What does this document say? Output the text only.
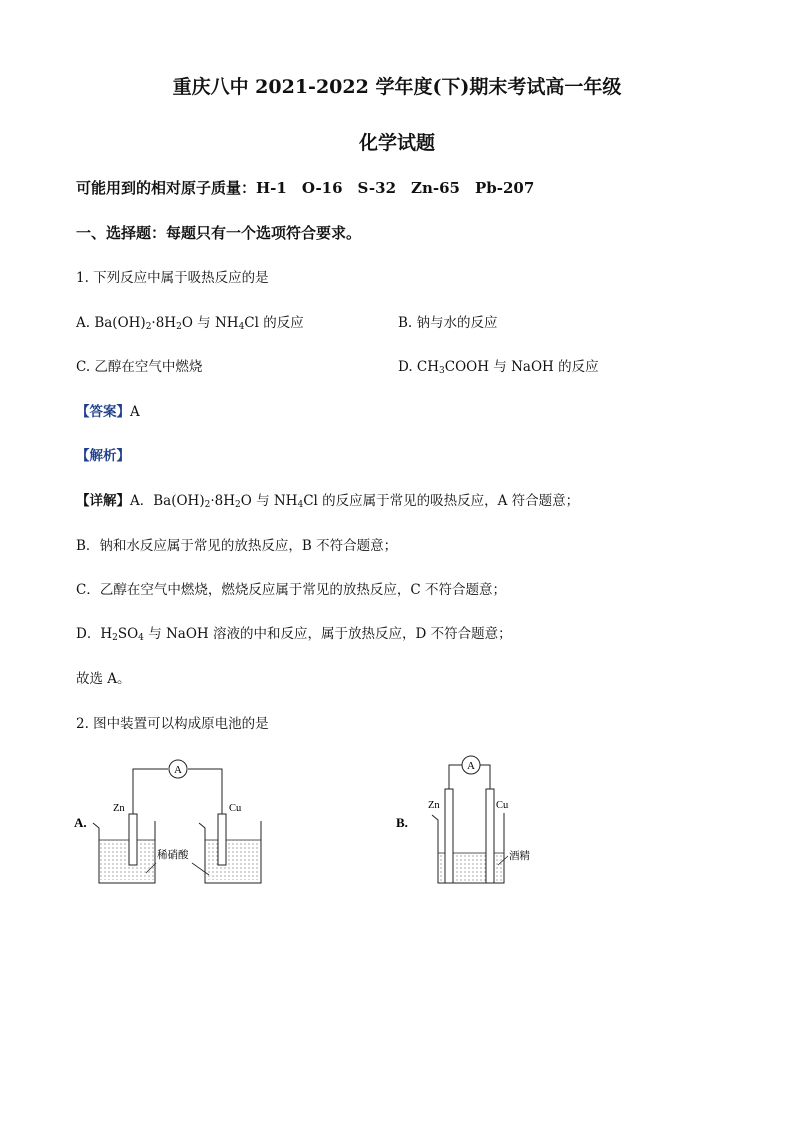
重庆八中 2021-2022 学年度(下)期末考试高一年级
化学试题
可能用到的相对原子质量：H-1　O-16　S-32　Zn-65　Pb-207
一、选择题：每题只有一个选项符合要求。
1. 下列反应中属于吸热反应的是
A. $Ba(OH)_2\cdot 8H_2O$ 与 $NH_4Cl$ 的反应	B. 钠与水的反应
C. 乙醇在空气中燃烧	D. $CH_3COOH$ 与 NaOH 的反应
【答案】A
【解析】
【详解】A．$Ba(OH)_2\cdot 8H_2O$ 与 $NH_4Cl$ 的反应属于常见的吸热反应，A 符合题意；
B．钠和水反应属于常见的放热反应，B 不符合题意；
C．乙醇在空气中燃烧，燃烧反应属于常见的放热反应，C 不符合题意；
D．$H_2SO_4$ 与 NaOH 溶液的中和反应，属于放热反应，D 不符合题意；
故选 A。
2. 图中装置可以构成原电池的是
A.
A
Zn	Cu
稀硝酸
B.
A
Zn	Cu
酒精
